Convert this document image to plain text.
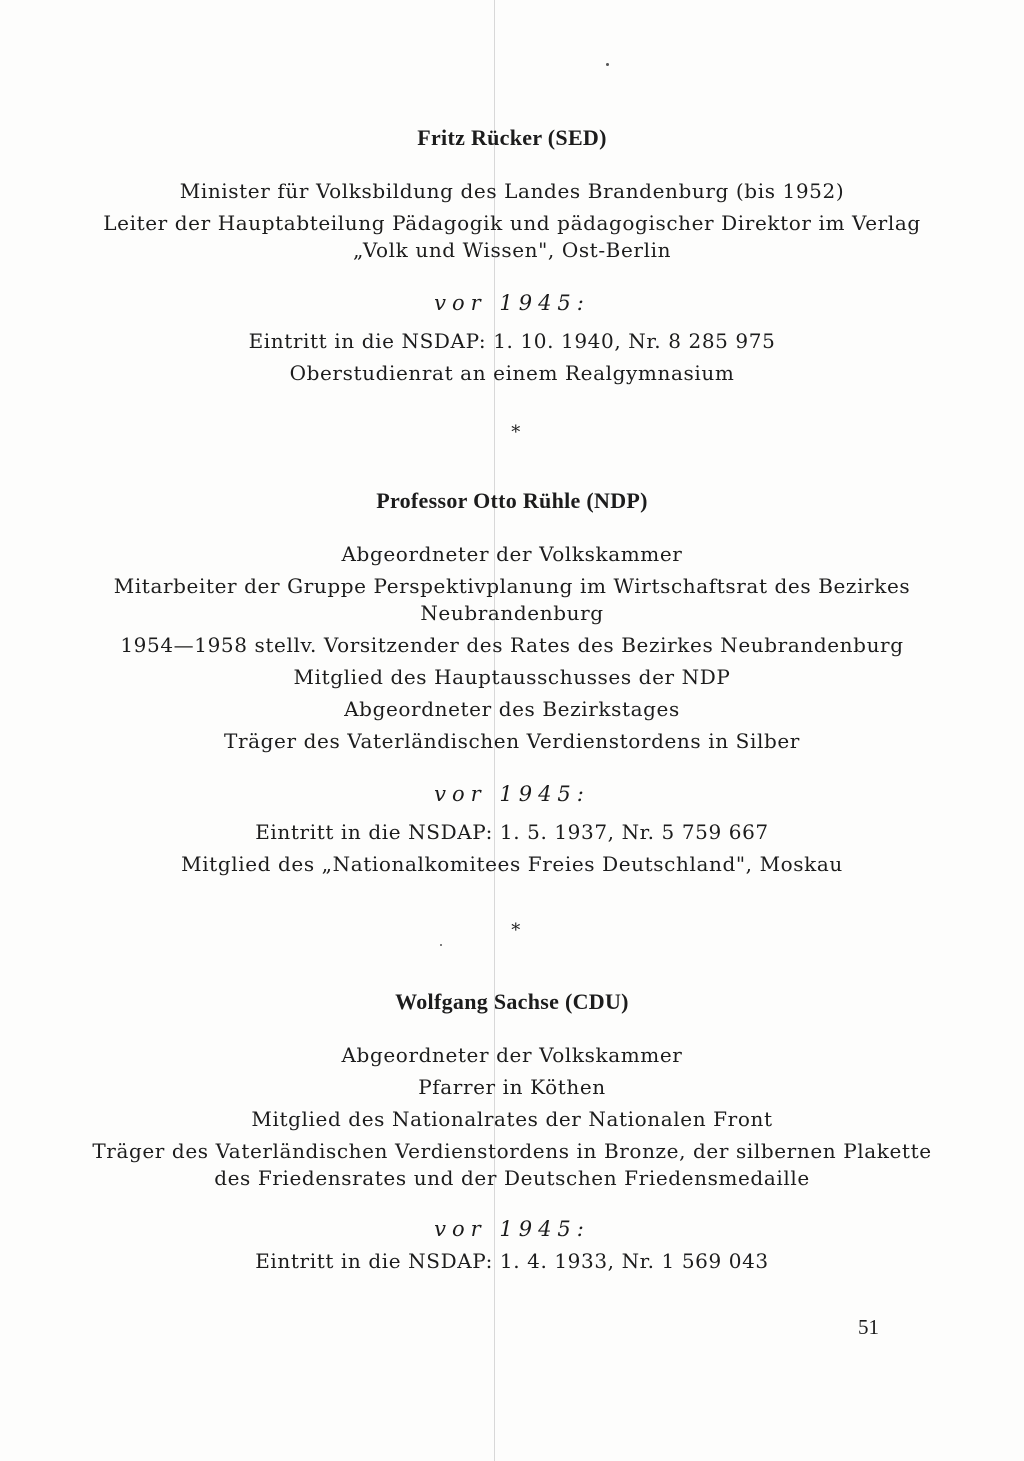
Fritz Rücker (SED)
Minister für Volksbildung des Landes Brandenburg (bis 1952)
Leiter der Hauptabteilung Pädagogik und pädagogischer Direktor im Verlag
„Volk und Wissen", Ost-Berlin
vor 1945:
Eintritt in die NSDAP: 1. 10. 1940, Nr. 8 285 975
Oberstudienrat an einem Realgymnasium
*
Professor Otto Rühle (NDP)
Abgeordneter der Volkskammer
Mitarbeiter der Gruppe Perspektivplanung im Wirtschaftsrat des Bezirkes
Neubrandenburg
1954—1958 stellv. Vorsitzender des Rates des Bezirkes Neubrandenburg
Mitglied des Hauptausschusses der NDP
Abgeordneter des Bezirkstages
Träger des Vaterländischen Verdienstordens in Silber
vor 1945:
Eintritt in die NSDAP: 1. 5. 1937, Nr. 5 759 667
Mitglied des „Nationalkomitees Freies Deutschland", Moskau
*
Wolfgang Sachse (CDU)
Abgeordneter der Volkskammer
Pfarrer in Köthen
Mitglied des Nationalrates der Nationalen Front
Träger des Vaterländischen Verdienstordens in Bronze, der silbernen Plakette
des Friedensrates und der Deutschen Friedensmedaille
vor 1945:
Eintritt in die NSDAP: 1. 4. 1933, Nr. 1 569 043
51
